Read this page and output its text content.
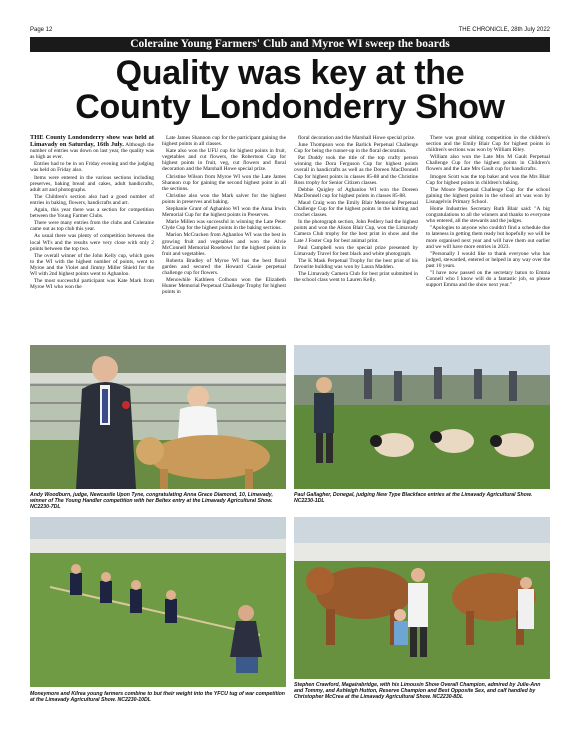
Page 12	THE CHRONICLE, 28th July 2022
Coleraine Young Farmers' Club and Myroe WI sweep the boards
Quality was key at the
County Londonderry Show

THE County Londonderry show was held at Limavady on Saturday, 16th July. Although the number of entries was down on last year, the quality was as high as ever.

Entries had to be in on Friday evening and the judging was held on Friday also.

Items were entered in the various sections including preserves, baking bread and cakes, adult handicrafts, adult art and photographs.

The Children's section also had a good number of entries in baking, flowers, handicrafts and art.

Again, this year there was a section for competition between the Young Farmer Clubs.

There were many entries from the clubs and Coleraine came out as top club this year.

As usual there was plenty of competition between the local WI's and the results were very close with only 2 points between the top two.

The overall winner of the John Kelly cup, which goes to the WI with the highest number of points, went to Myroe and the Violet and Jimmy Miller Shield for the WI with 2nd highest points went to Aghanloo.

The most successful participant was Kate Mark from Myroe WI who won the

Late James Shannon cup for the participant gaining the highest points in all classes.

Kate also won the UFU cup for highest points in fruit, vegetables and cut flowers, the Robertson Cup for highest points in fruit, veg, cut flowers and floral decoration and the Marshall Howe special prize.

Christine Wilson from Myroe WI won the Late James Shannon cup for gaining the second highest point in all the sections.

Christine also won the Mark salver for the highest points in preserves and baking.

Stephanie Grant of Aghanloo WI won the Anna Irwin Memorial Cup for the highest points in Preserves.

Marie Millen was successful in winning the Late Peter Clyde Cup for the highest points in the baking sections.

Marion McCracken from Aghanloo WI was the best in growing fruit and vegetables and won the Alvie McConnell Memorial Rosebowl for the highest points in fruit and vegetables.

Roberta Bradley of Myroe WI has the best floral garden and secured the Howard Cassie perpetual challenge cup for flowers.

Menowhile Kathleen Colhoun won the Elizabeth Hunter Memorial Perpetual Challenge Trophy for highest points in

floral decoration and the Marshall Howe special prize.

June Thompson won the Barlick Perpetual Challenge Cup for being the runner-up in the floral decoration.

Pat Duddy took the title of the top crafty person winning the Dora Ferguson Cup for highest points overall in handicrafts as well as the Doreen MacDonnell Cup for highest points in classes 85-88 and the Christine Ross trophy for Senior Citizen classes.

Debbie Quigley of Aghanloo WI won the Doreen MacDonnell cup for highest points in classes 85-88.

Maud Craig won the Emily Blair Memorial Perpetual Challenge Cup for the highest points in the knitting and crochet classes.

In the photograph section, John Pedlery had the highest points and won the Alison Blair Cup, won the Limavady Camera Club trophy for the best print in show and the Late J Foster Cup for best animal print.

Paul Campbell won the special prize presented by Limavady Travel for best black and white photograph.

The K Mask Perpetual Trophy for the best print of his favourite building was won by Laura Madden.

The Limavady Camera Club for best print submitted in the school class went to Lauren Kelly.

There was great sibling competition in the children's section and the Emily Blair Cup for highest points in children's sections was won by William Riley.

William also won the Late Mrs M Gault Perpetual Challenge Cup for the highest points in Children's flowers and the Late Mrs Gault cup for handicrafts.

Imogen Scott was the top baker and won the Mrs Blair Cup for highest points in children's baking.

The Moore Perpetual Challenge Cup for the school gaining the highest points in the school art was won by Lisnagelvin Primary School.

Home Industries Secretary Ruth Blair said: "A big congratulations to all the winners and thanks to everyone who entered, all the stewards and the judges.

"Apologies to anyone who couldn't find a schedule due to lateness in getting them ready but hopefully we will be more organised next year and will have them out earlier and we will have more entries in 2023.

"Personally I would like to thank everyone who has judged, stewarded, entered or helped in any way over the past 10 years.

"I have now passed on the secretary baton to Emma Connell who I know will do a fantastic job, so please support Emma and the show next year."

Andy Woodburn, judge, Newcastle Upon Tyne, congratulating Anna Grace Diamond, 10, Limavady, winner of The Young Handler competition with her Beltex entry at the Limavady Agricultural Show. NC2230-7DL
Paul Gallagher, Donegal, judging New Type Blackface entries at the Limavady Agricultural Show. NC2230-1DL
Moneymore and Kilrea young farmers combine to but their weight into the YFCU tug of war competition at the Limavady Agricultural Show. NC2230-10DL
Stephen Crawford, Magairabridge, with his Limousin Show Overall Champion, admired by Julie-Ann and Tommy, and Ashleigh Hutton, Reserve Champion and Best Opposite Sex, and calf handled by Christopher McCrea at the Limavady Agricultural Show. NC2230-8DL
